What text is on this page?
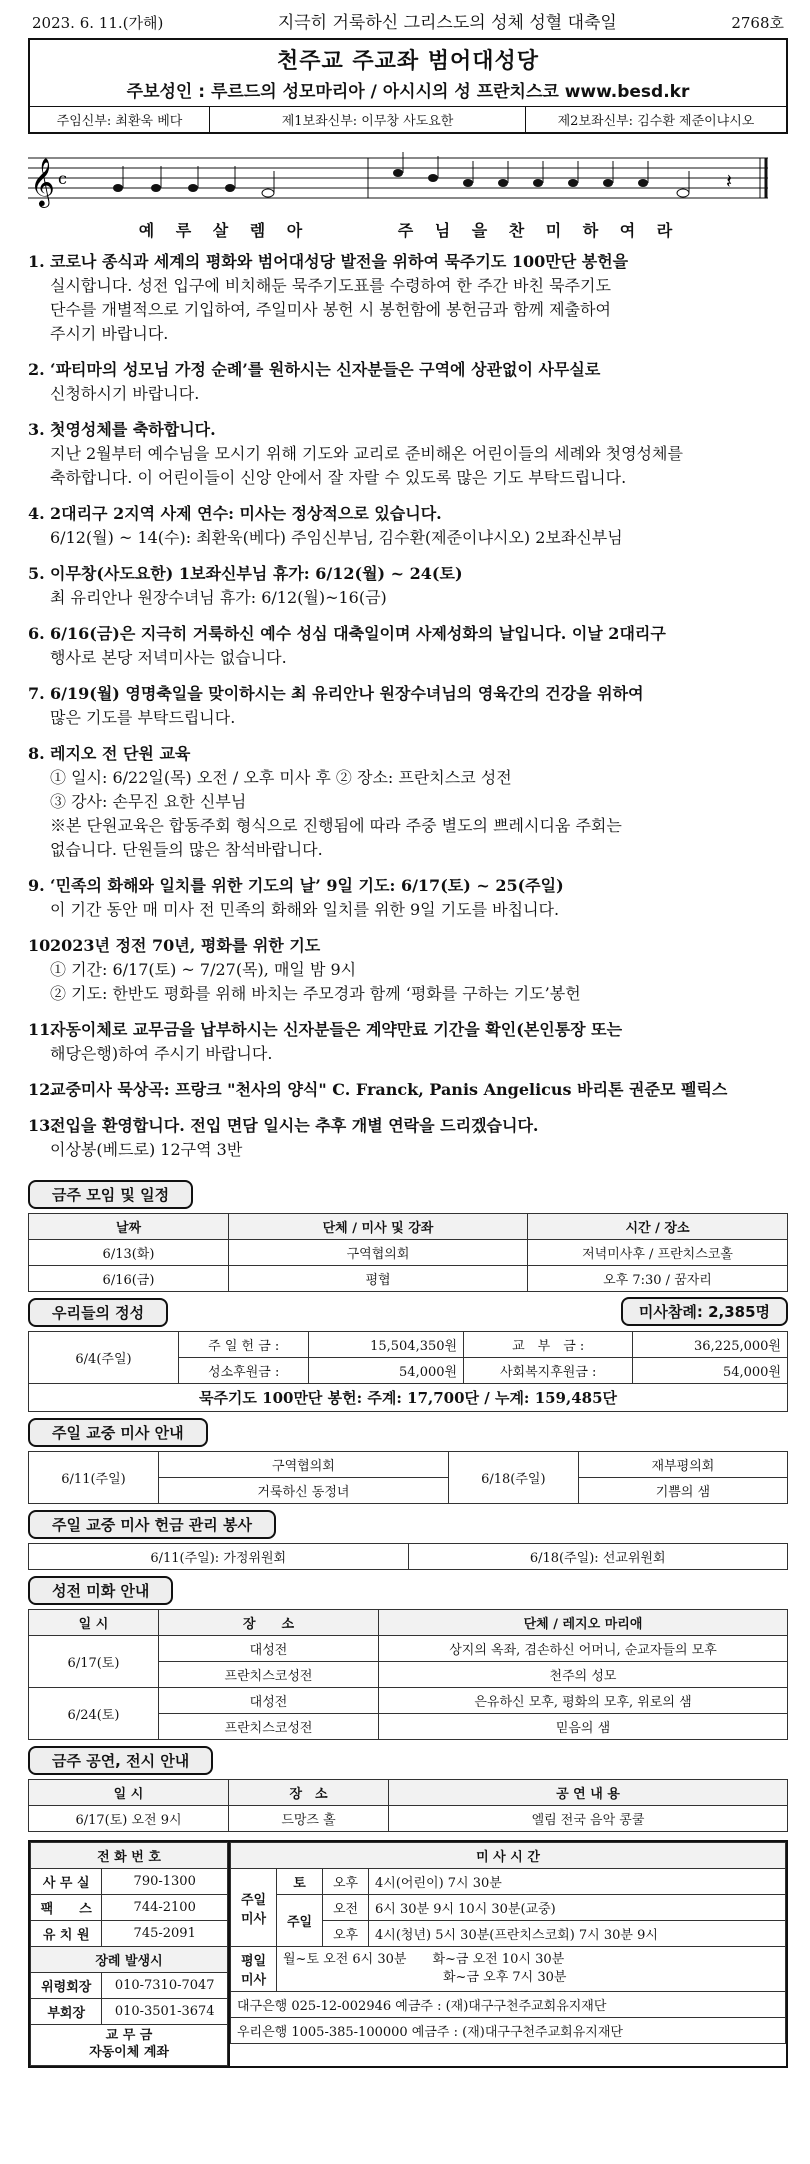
2023. 6. 11.(가해)	지극히 거룩하신 그리스도의 성체 성혈 대축일	2768호
천주교 주교좌 범어대성당
주보성인 : 루르드의 성모마리아 / 아시시의 성 프란치스코 www.besd.kr
주임신부: 최환욱 베다	제1보좌신부: 이무창 사도요한	제2보좌신부: 김수환 제준이냐시오
𝄞 c	𝄽
예	루	살	렘	아	주	님	을	찬	미	하	여	라
1. 코로나 종식과 세계의 평화와 범어대성당 발전을 위하여 묵주기도 100만단 봉헌을
실시합니다. 성전 입구에 비치해둔 묵주기도표를 수령하여 한 주간 바친 묵주기도
단수를 개별적으로 기입하여, 주일미사 봉헌 시 봉헌함에 봉헌금과 함께 제출하여
주시기 바랍니다.
2. ‘파티마의 성모님 가정 순례’를 원하시는 신자분들은 구역에 상관없이 사무실로
신청하시기 바랍니다.
3. 첫영성체를 축하합니다.
지난 2월부터 예수님을 모시기 위해 기도와 교리로 준비해온 어린이들의 세례와 첫영성체를
축하합니다. 이 어린이들이 신앙 안에서 잘 자랄 수 있도록 많은 기도 부탁드립니다.
4. 2대리구 2지역 사제 연수: 미사는 정상적으로 있습니다.
6/12(월) ~ 14(수): 최환욱(베다) 주임신부님, 김수환(제준이냐시오) 2보좌신부님
5. 이무창(사도요한) 1보좌신부님 휴가: 6/12(월) ~ 24(토)
최 유리안나 원장수녀님 휴가: 6/12(월)~16(금)
6. 6/16(금)은 지극히 거룩하신 예수 성심 대축일이며 사제성화의 날입니다. 이날 2대리구
행사로 본당 저녁미사는 없습니다.
7. 6/19(월) 영명축일을 맞이하시는 최 유리안나 원장수녀님의 영육간의 건강을 위하여
많은 기도를 부탁드립니다.
8. 레지오 전 단원 교육
① 일시: 6/22일(목) 오전 / 오후 미사 후 ② 장소: 프란치스코 성전
③ 강사: 손무진 요한 신부님
※본 단원교육은 합동주회 형식으로 진행됨에 따라 주중 별도의 쁘레시디움 주회는
없습니다. 단원들의 많은 참석바랍니다.
9. ‘민족의 화해와 일치를 위한 기도의 날’ 9일 기도: 6/17(토) ~ 25(주일)
이 기간 동안 매 미사 전 민족의 화해와 일치를 위한 9일 기도를 바칩니다.
10.2023년 정전 70년, 평화를 위한 기도
① 기간: 6/17(토) ~ 7/27(목), 매일 밤 9시
② 기도: 한반도 평화를 위해 바치는 주모경과 함께 ‘평화를 구하는 기도’봉헌
11.자동이체로 교무금을 납부하시는 신자분들은 계약만료 기간을 확인(본인통장 또는
해당은행)하여 주시기 바랍니다.
12.교중미사 묵상곡: 프랑크 "천사의 양식" C. Franck, Panis Angelicus 바리톤 권준모 펠릭스
13.전입을 환영합니다. 전입 면담 일시는 추후 개별 연락을 드리겠습니다.
이상봉(베드로) 12구역 3반
금주 모임 및 일정
날짜	단체 / 미사 및 강좌	시간 / 장소
6/13(화)	구역협의회	저녁미사후 / 프란치스코홀
6/16(금)	평협	오후 7:30 / 꿈자리
우리들의 정성	미사참례: 2,385명
6/4(주일)	주 일 헌 금 :	15,504,350원	교　부　금 :	36,225,000원
	성소후원금 :	54,000원	사회복지후원금 :	54,000원
묵주기도 100만단 봉헌: 주계: 17,700단 / 누계: 159,485단				
주일 교중 미사 안내
6/11(주일)	구역협의회	6/18(주일)	재부평의회
	거룩하신 동정녀		기쁨의 샘
주일 교중 미사 헌금 관리 봉사
6/11(주일): 가정위원회	6/18(주일): 선교위원회
성전 미화 안내
일 시	장　　소	단체 / 레지오 마리애
6/17(토)	대성전	상지의 옥좌, 겸손하신 어머니, 순교자들의 모후
	프란치스코성전	천주의 성모
6/24(토)	대성전	은유하신 모후, 평화의 모후, 위로의 샘
	프란치스코성전	믿음의 샘
금주 공연, 전시 안내
일 시	장　소	공 연 내 용
6/17(토) 오전 9시	드망즈 홀	엘림 전국 음악 콩쿨
전 화 번 호	
사 무 실	790-1300
팩　　스	744-2100
유 치 원	745-2091
장례 발생시	
위령회장	010-7310-7047
부회장	010-3501-3674
교 무 금
자동이체 계좌	
미 사 시 간			
주일 미사	토	오후	4시(어린이) 7시 30분
	주일	오전	6시 30분 9시 10시 30분(교중)
		오후	4시(청년) 5시 30분(프란치스코회) 7시 30분 9시
평일 미사	월~토 오전 6시 30분　　화~금 오전 10시 30분
화~금 오후 7시 30분		
대구은행 025-12-002946 예금주 : (재)대구구천주교회유지재단			
우리은행 1005-385-100000 예금주 : (재)대구구천주교회유지재단			
